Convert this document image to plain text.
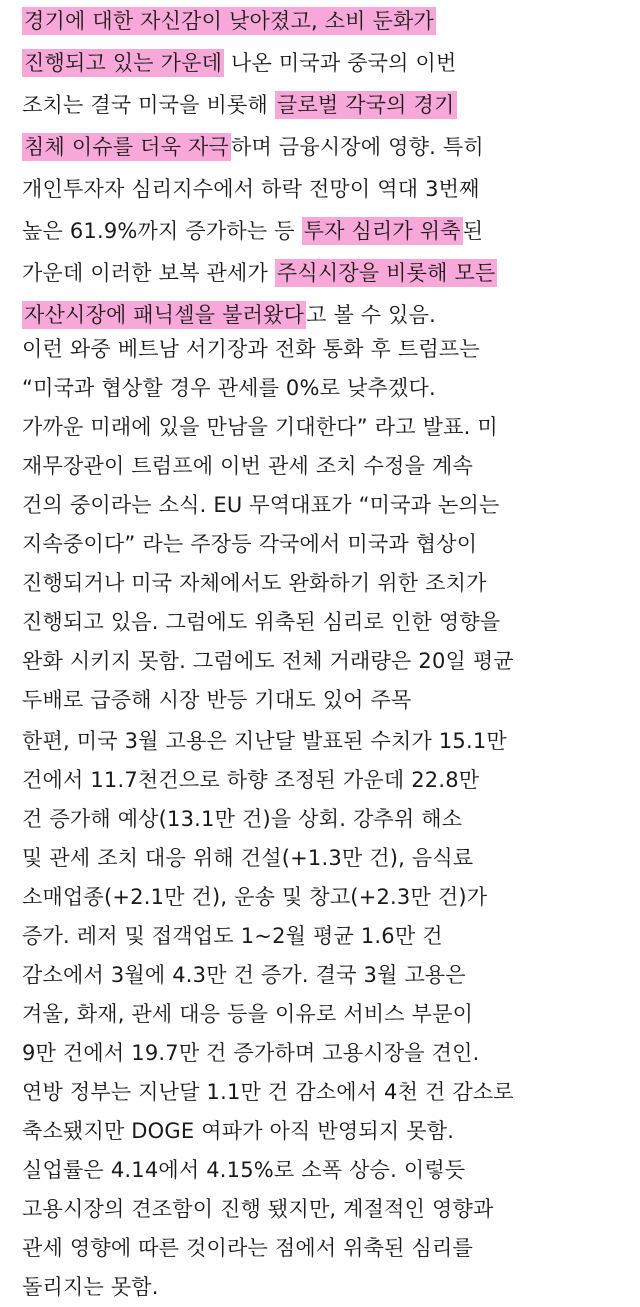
경기에 대한 자신감이 낮아졌고, 소비 둔화가
진행되고 있는 가운데 나온 미국과 중국의 이번
조치는 결국 미국을 비롯해 글로벌 각국의 경기
침체 이슈를 더욱 자극하며 금융시장에 영향. 특히
개인투자자 심리지수에서 하락 전망이 역대 3번째
높은 61.9%까지 증가하는 등 투자 심리가 위축된
가운데 이러한 보복 관세가 주식시장을 비롯해 모든
자산시장에 패닉셀을 불러왔다고 볼 수 있음.
이런 와중 베트남 서기장과 전화 통화 후 트럼프는
“미국과 협상할 경우 관세를 0%로 낮추겠다.
가까운 미래에 있을 만남을 기대한다” 라고 발표. 미
재무장관이 트럼프에 이번 관세 조치 수정을 계속
건의 중이라는 소식. EU 무역대표가 “미국과 논의는
지속중이다” 라는 주장등 각국에서 미국과 협상이
진행되거나 미국 자체에서도 완화하기 위한 조치가
진행되고 있음. 그럼에도 위축된 심리로 인한 영향을
완화 시키지 못함. 그럼에도 전체 거래량은 20일 평균
두배로 급증해 시장 반등 기대도 있어 주목
한편, 미국 3월 고용은 지난달 발표된 수치가 15.1만
건에서 11.7천건으로 하향 조정된 가운데 22.8만
건 증가해 예상(13.1만 건)을 상회. 강추위 해소
및 관세 조치 대응 위해 건설(+1.3만 건), 음식료
소매업종(+2.1만 건), 운송 및 창고(+2.3만 건)가
증가. 레저 및 접객업도 1~2월 평균 1.6만 건
감소에서 3월에 4.3만 건 증가. 결국 3월 고용은
겨울, 화재, 관세 대응 등을 이유로 서비스 부문이
9만 건에서 19.7만 건 증가하며 고용시장을 견인.
연방 정부는 지난달 1.1만 건 감소에서 4천 건 감소로
축소됐지만 DOGE 여파가 아직 반영되지 못함.
실업률은 4.14에서 4.15%로 소폭 상승. 이렇듯
고용시장의 견조함이 진행 됐지만, 계절적인 영향과
관세 영향에 따른 것이라는 점에서 위축된 심리를
돌리지는 못함.
